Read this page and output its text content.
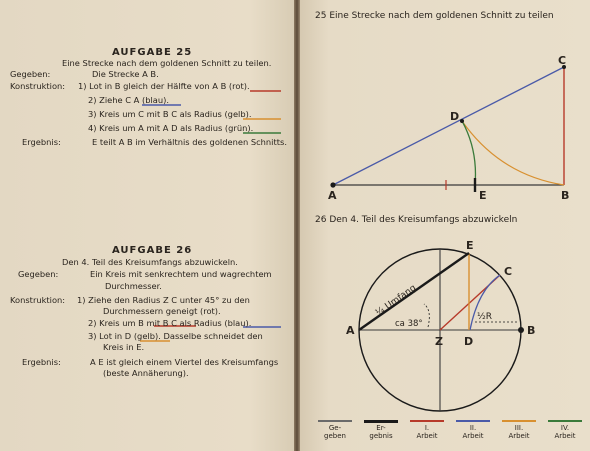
AUFGABE 25
Eine Strecke nach dem goldenen Schnitt zu teilen.
Gegeben:	Die Strecke A B.
Konstruktion: 1) Lot in B gleich der Hälfte von A B (rot).
2) Ziehe C A (blau).
3) Kreis um C mit B C als Radius (gelb).
4) Kreis um A mit A D als Radius (grün).
Ergebnis:	E teilt A B im Verhältnis des goldenen Schnitts.
AUFGABE 26
Den 4. Teil des Kreisumfangs abzuwickeln.
Gegeben:	Ein Kreis mit senkrechtem und wagrechtem
Durchmesser.
Konstruktion: 1) Ziehe den Radius Z C unter 45° zu den
Durchmessern geneigt (rot).
2) Kreis um B mit B C als Radius (blau).
3) Lot in D (gelb). Dasselbe schneidet den
Kreis in E.
Ergebnis:	A E ist gleich einem Viertel des Kreisumfangs
(beste Annäherung).
25 Eine Strecke nach dem goldenen Schnitt zu teilen
A	B
C
D
E
26 Den 4. Teil des Kreisumfangs abzuwickeln
E
C
A	B
Z D
¼ Umfang
ca 38°
½R
Ge-
geben
Er-
gebnis
I.
Arbeit
II.
Arbeit
III.
Arbeit
IV.
Arbeit
